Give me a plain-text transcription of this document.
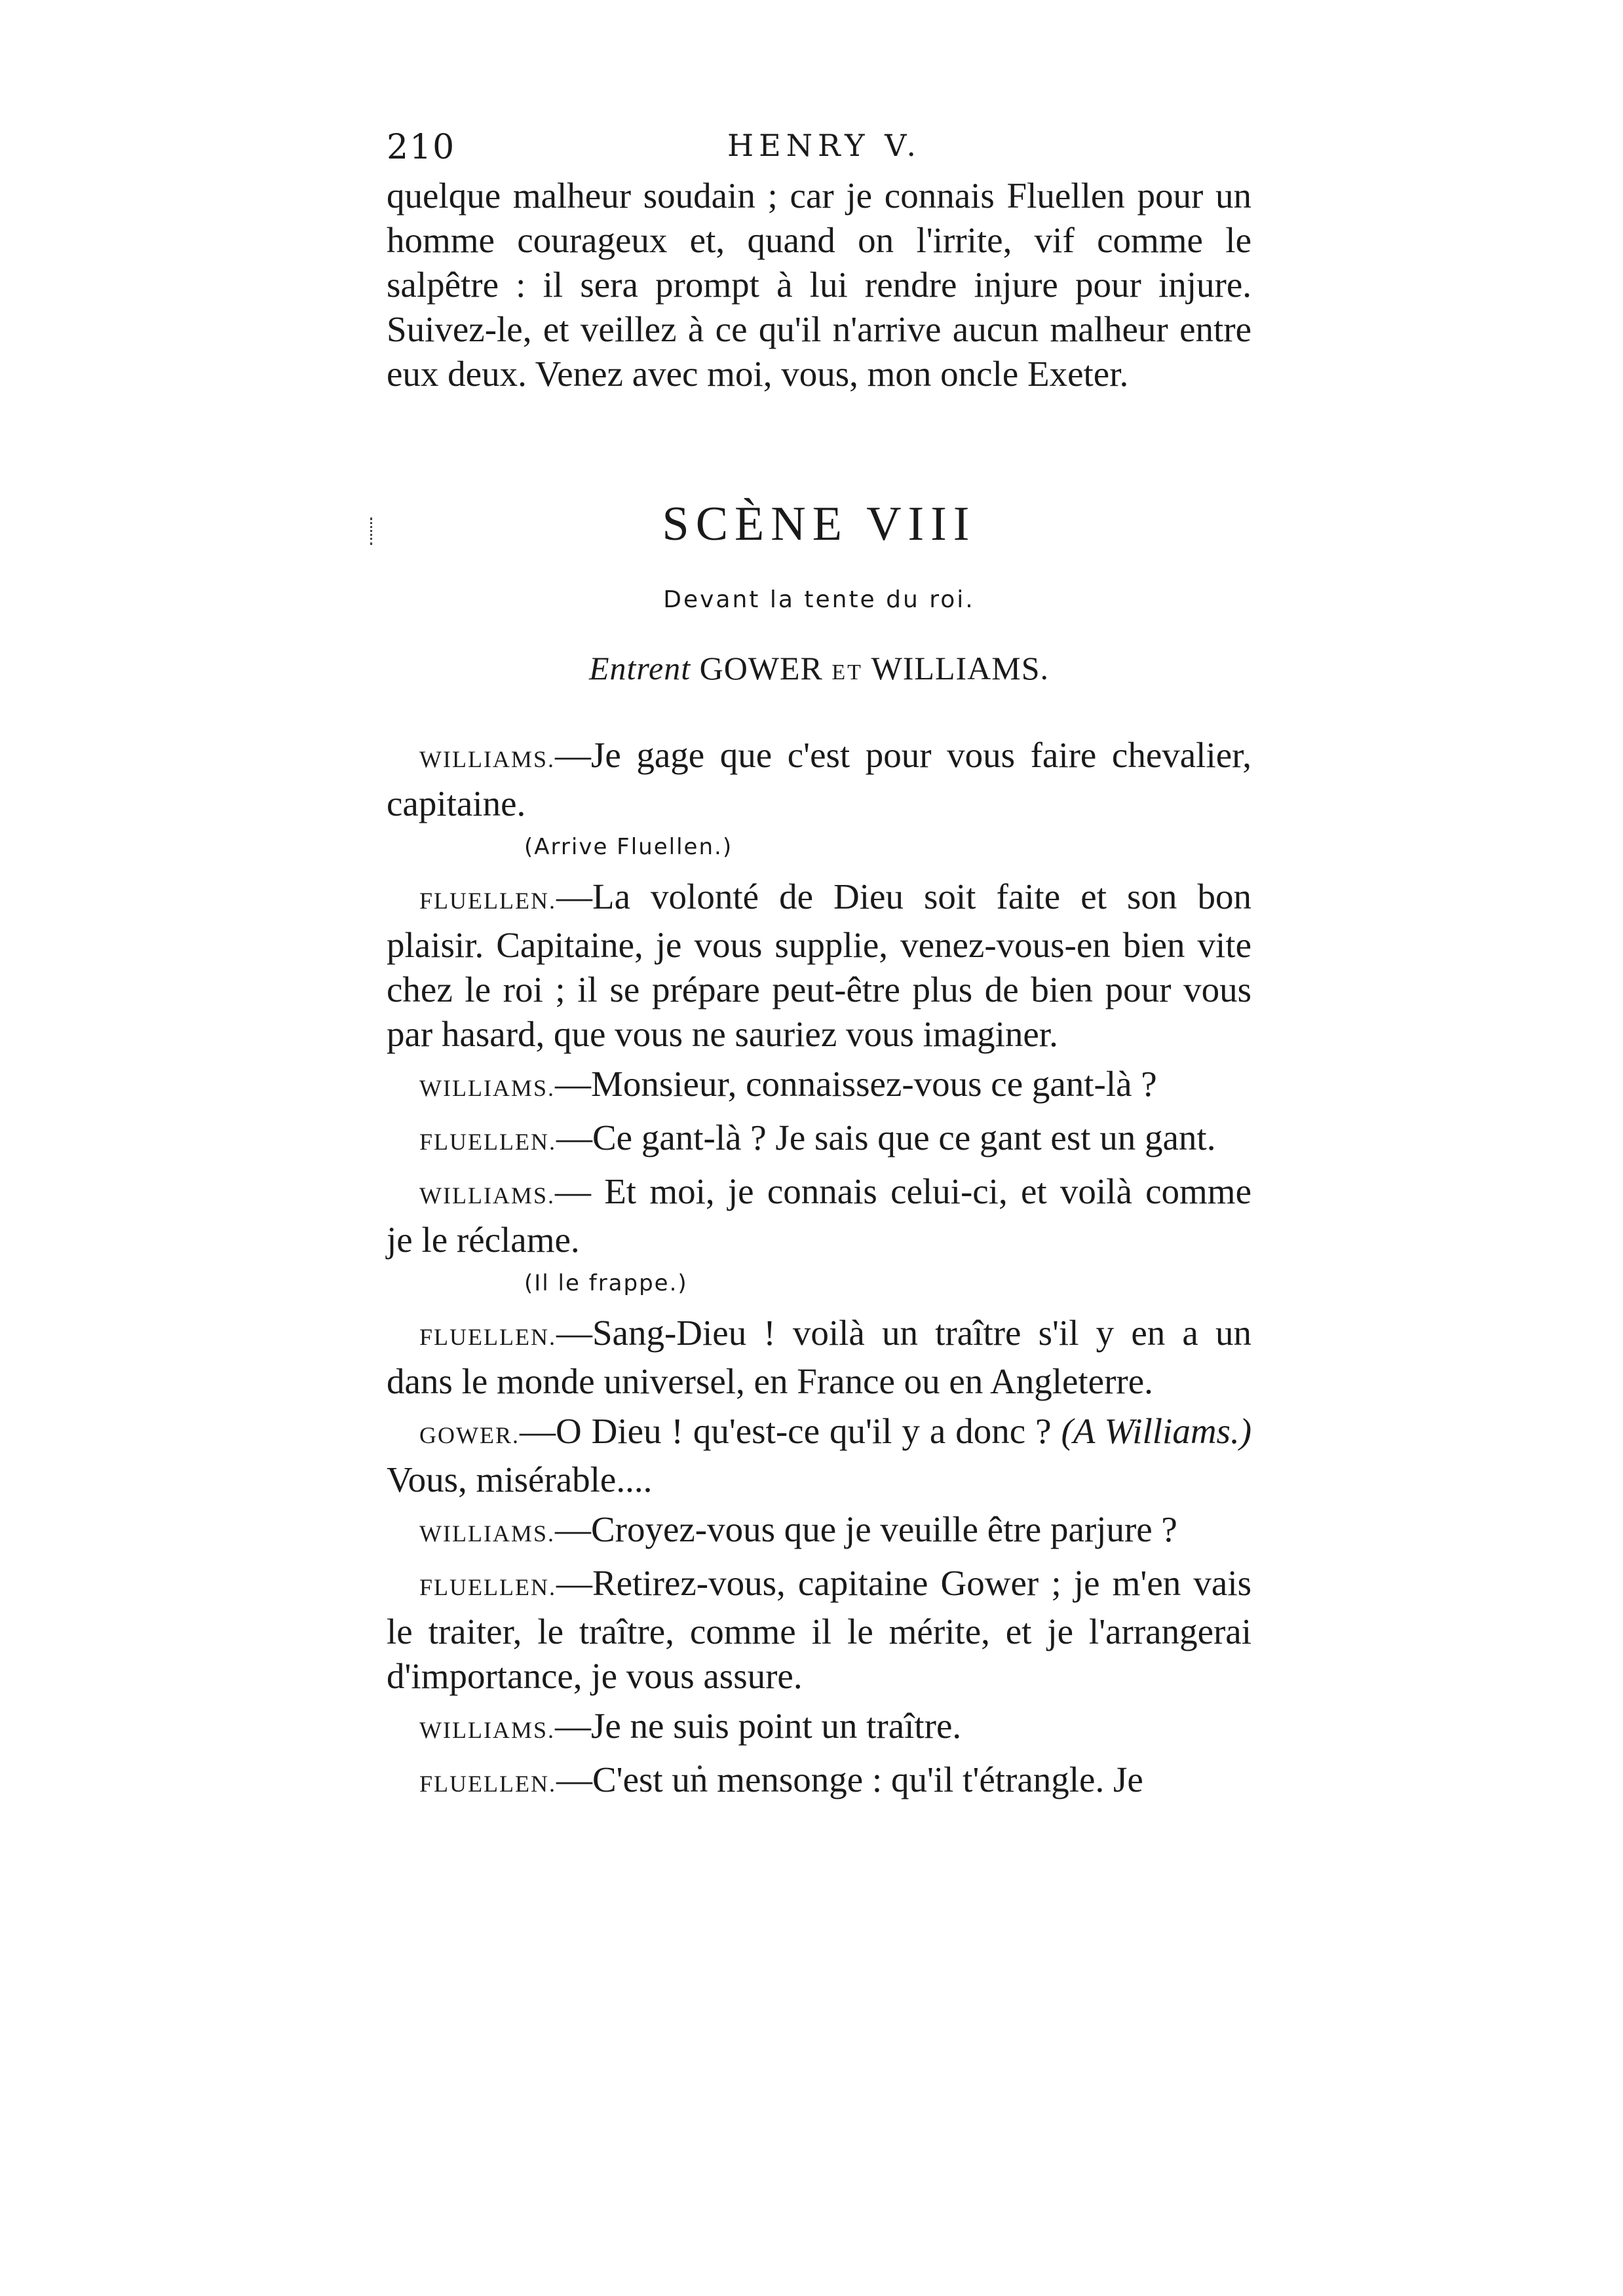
210	HENRY V.

quelque malheur soudain ; car je connais Fluellen pour un homme courageux et, quand on l'irrite, vif comme le salpêtre : il sera prompt à lui rendre injure pour injure. Suivez-le, et veillez à ce qu'il n'arrive aucun malheur entre eux deux. Venez avec moi, vous, mon oncle Exeter.

SCÈNE VIII
Devant la tente du roi.
Entrent GOWER ET WILLIAMS.

WILLIAMS.—Je gage que c'est pour vous faire chevalier, capitaine.

(Arrive Fluellen.)

FLUELLEN.—La volonté de Dieu soit faite et son bon plaisir. Capitaine, je vous supplie, venez-vous-en bien vite chez le roi ; il se prépare peut-être plus de bien pour vous par hasard, que vous ne sauriez vous imaginer.

WILLIAMS.—Monsieur, connaissez-vous ce gant-là ?

FLUELLEN.—Ce gant-là ? Je sais que ce gant est un gant.

WILLIAMS.— Et moi, je connais celui-ci, et voilà comme je le réclame.

(Il le frappe.)

FLUELLEN.—Sang-Dieu ! voilà un traître s'il y en a un dans le monde universel, en France ou en Angleterre.

GOWER.—O Dieu ! qu'est-ce qu'il y a donc ? (A Williams.) Vous, misérable....

WILLIAMS.—Croyez-vous que je veuille être parjure ?

FLUELLEN.—Retirez-vous, capitaine Gower ; je m'en vais le traiter, le traître, comme il le mérite, et je l'arrangerai d'importance, je vous assure.

WILLIAMS.—Je ne suis point un traître.

FLUELLEN.—C'est un mensonge : qu'il t'étrangle. Je
